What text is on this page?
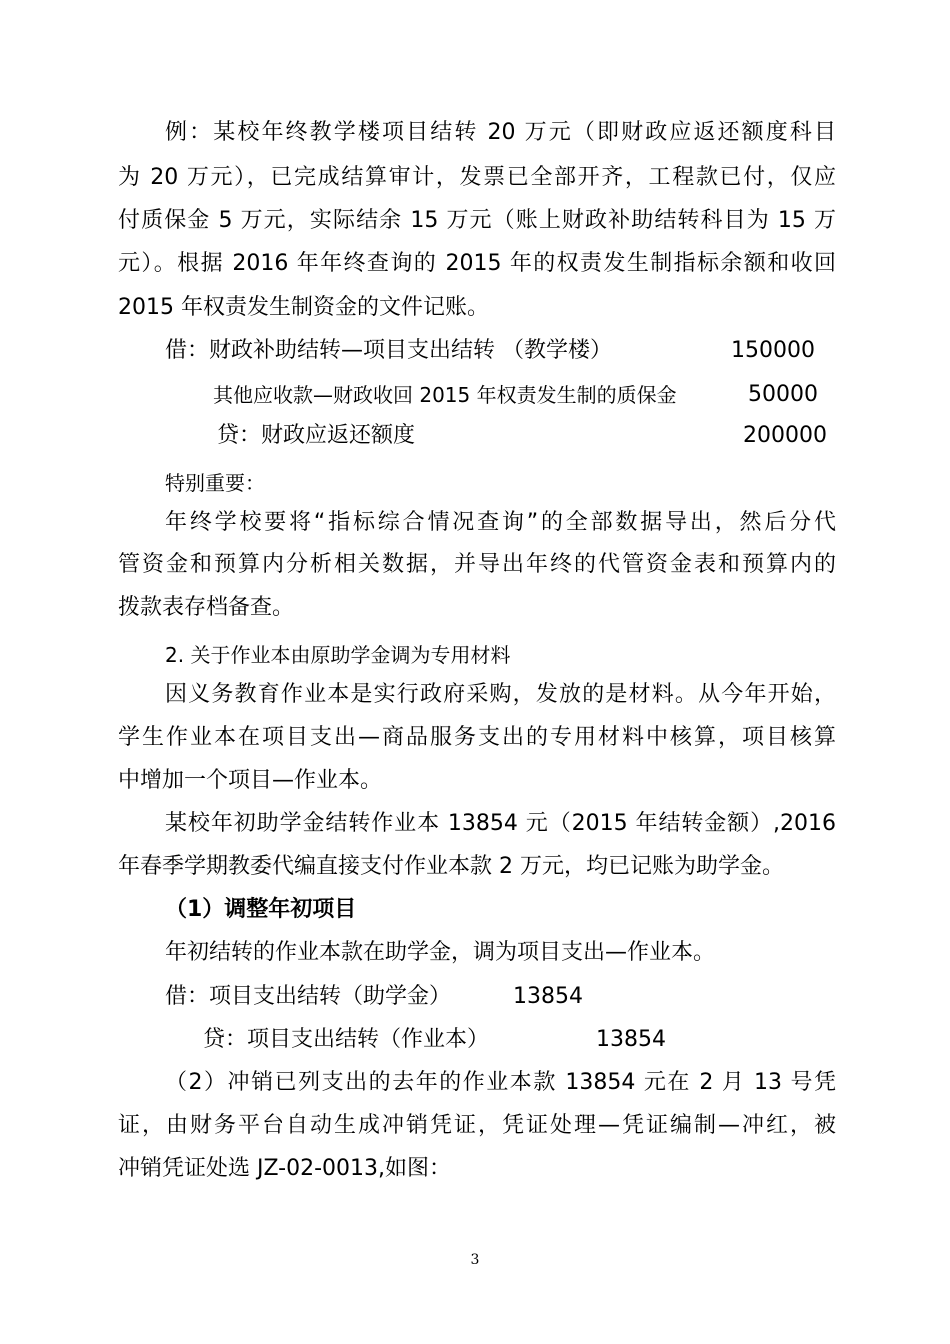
例：某校年终教学楼项目结转 20 万元（即财政应返还额度科目
为 20 万元），已完成结算审计，发票已全部开齐，工程款已付，仅应
付质保金 5 万元，实际结余 15 万元（账上财政补助结转科目为 15 万
元）。根据 2016 年年终查询的 2015 年的权责发生制指标余额和收回
2015 年权责发生制资金的文件记账。
借：财政补助结转—项目支出结转 （教学楼）	150000
其他应收款—财政收回 2015 年权责发生制的质保金	50000
贷：财政应返还额度	200000
特别重要：
年终学校要将“指标综合情况查询”的全部数据导出，然后分代
管资金和预算内分析相关数据，并导出年终的代管资金表和预算内的
拨款表存档备查。
2. 关于作业本由原助学金调为专用材料
因义务教育作业本是实行政府采购，发放的是材料。从今年开始，
学生作业本在项目支出—商品服务支出的专用材料中核算，项目核算
中增加一个项目—作业本。
某校年初助学金结转作业本 13854 元（2015 年结转金额）,2016
年春季学期教委代编直接支付作业本款 2 万元，均已记账为助学金。
（1）调整年初项目
年初结转的作业本款在助学金，调为项目支出—作业本。
借：项目支出结转（助学金）	13854
贷：项目支出结转（作业本）	13854
（2）冲销已列支出的去年的作业本款 13854 元在 2 月 13 号凭
证，由财务平台自动生成冲销凭证，凭证处理—凭证编制—冲红，被
冲销凭证处选 JZ-02-0013,如图：
3
